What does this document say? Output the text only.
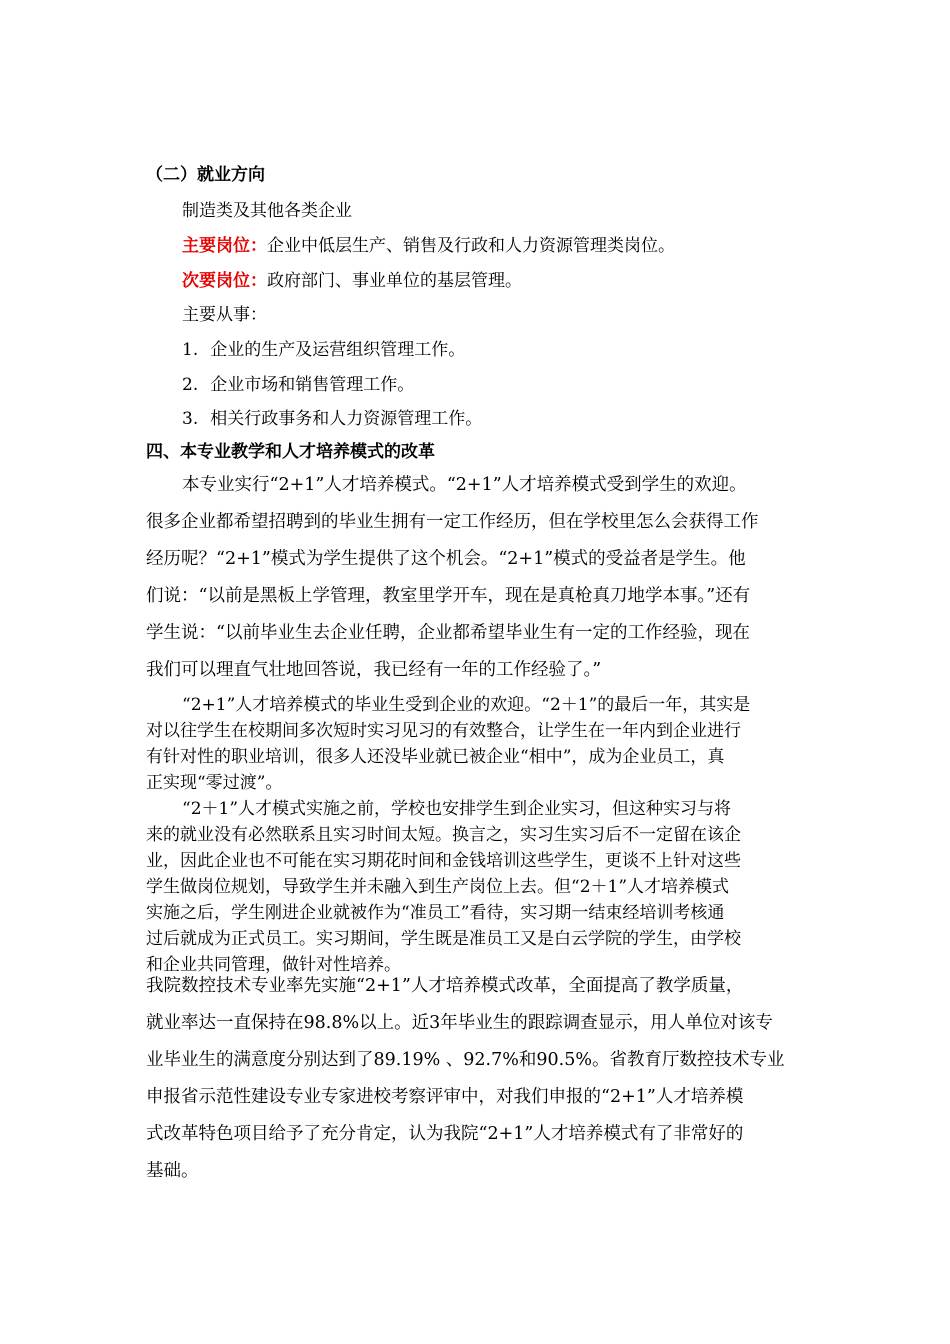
（二）就业方向
制造类及其他各类企业
主要岗位：企业中低层生产、销售及行政和人力资源管理类岗位。
次要岗位：政府部门、事业单位的基层管理。
主要从事：
1. 企业的生产及运营组织管理工作。
2. 企业市场和销售管理工作。
3. 相关行政事务和人力资源管理工作。
四、本专业教学和人才培养模式的改革
本专业实行“2+1”人才培养模式。“2+1”人才培养模式受到学生的欢迎。
很多企业都希望招聘到的毕业生拥有一定工作经历，但在学校里怎么会获得工作
经历呢？“2+1”模式为学生提供了这个机会。“2+1”模式的受益者是学生。他
们说：“以前是黑板上学管理，教室里学开车，现在是真枪真刀地学本事。”还有
学生说：“以前毕业生去企业任聘，企业都希望毕业生有一定的工作经验，现在
我们可以理直气壮地回答说，我已经有一年的工作经验了。”
“2+1”人才培养模式的毕业生受到企业的欢迎。“2＋1”的最后一年，其实是
对以往学生在校期间多次短时实习见习的有效整合，让学生在一年内到企业进行
有针对性的职业培训，很多人还没毕业就已被企业“相中”，成为企业员工，真
正实现“零过渡”。
“2＋1”人才模式实施之前，学校也安排学生到企业实习，但这种实习与将
来的就业没有必然联系且实习时间太短。换言之，实习生实习后不一定留在该企
业，因此企业也不可能在实习期花时间和金钱培训这些学生，更谈不上针对这些
学生做岗位规划，导致学生并未融入到生产岗位上去。但“2＋1”人才培养模式
实施之后，学生刚进企业就被作为“准员工”看待，实习期一结束经培训考核通
过后就成为正式员工。实习期间，学生既是准员工又是白云学院的学生，由学校
和企业共同管理，做针对性培养。
我院数控技术专业率先实施“2+1”人才培养模式改革，全面提高了教学质量，
就业率达一直保持在98.8%以上。近3年毕业生的跟踪调查显示，用人单位对该专
业毕业生的满意度分别达到了89.19% 、92.7%和90.5%。省教育厅数控技术专业
申报省示范性建设专业专家进校考察评审中，对我们申报的“2+1”人才培养模
式改革特色项目给予了充分肯定，认为我院“2+1”人才培养模式有了非常好的
基础。
